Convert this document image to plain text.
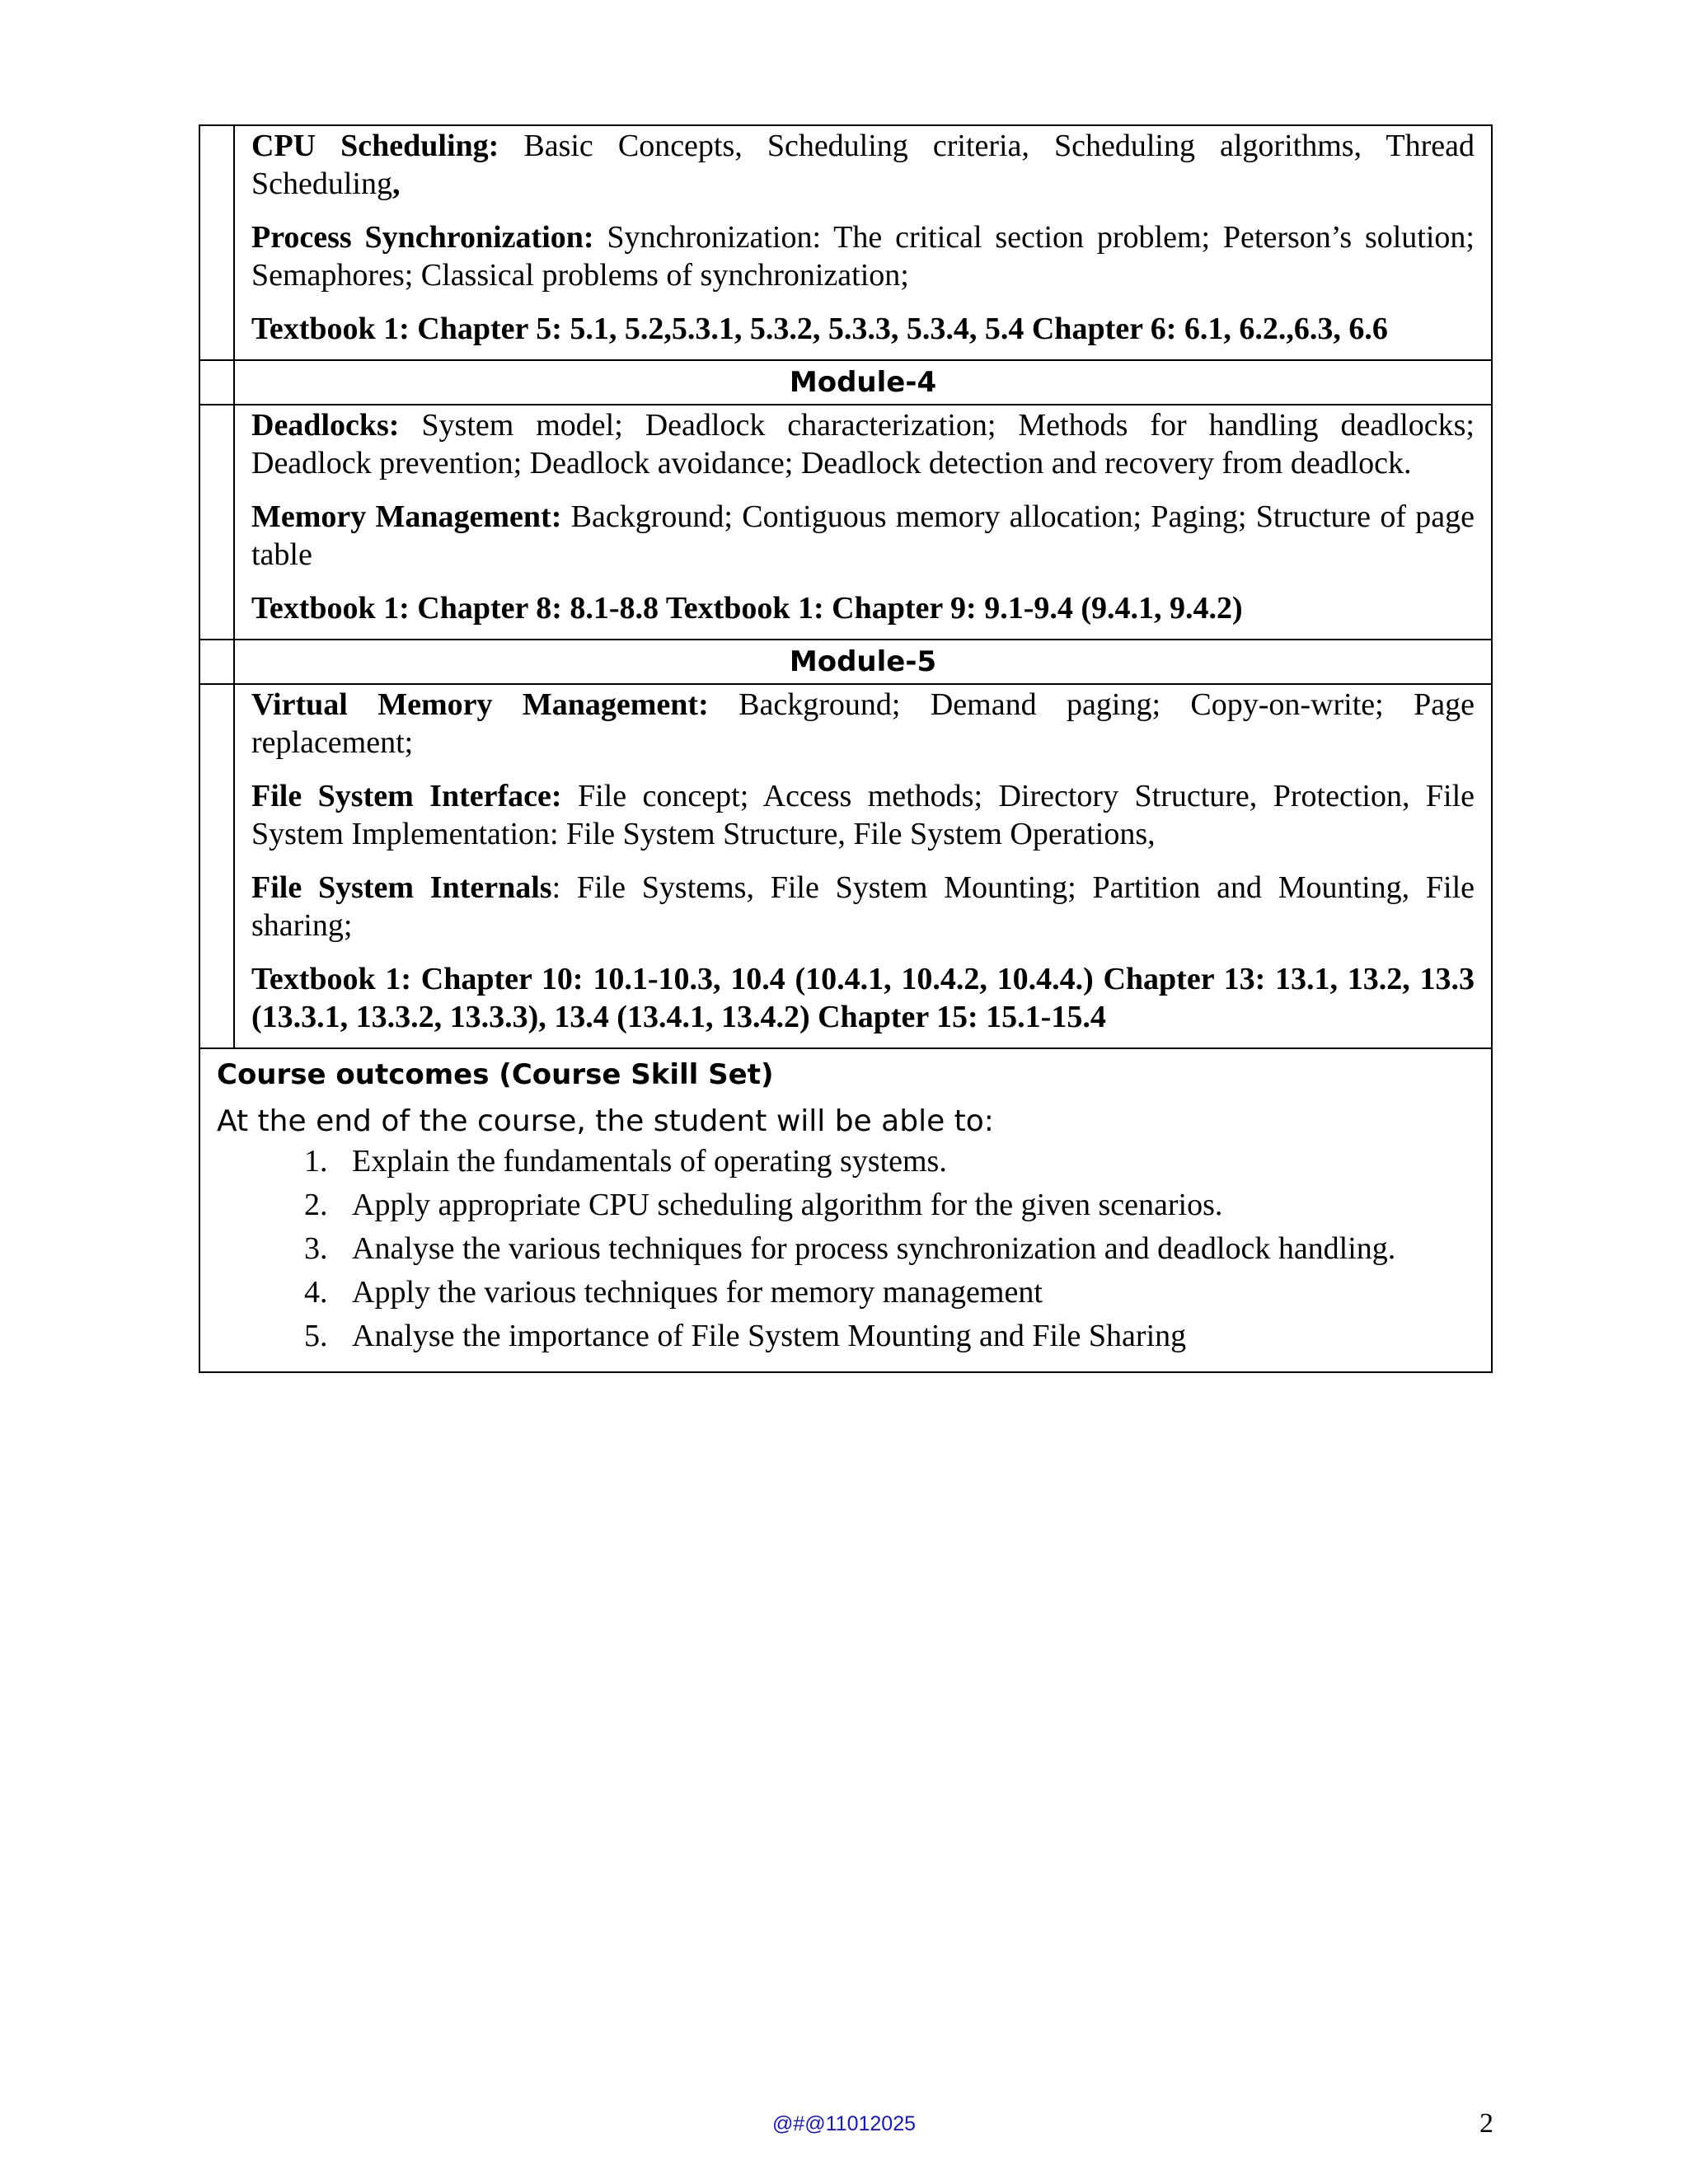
CPU Scheduling: Basic Concepts, Scheduling criteria, Scheduling algorithms, Thread Scheduling,

Process Synchronization: Synchronization: The critical section problem; Peterson’s solution; Semaphores; Classical problems of synchronization;

Textbook 1: Chapter 5: 5.1, 5.2,5.3.1, 5.3.2, 5.3.3, 5.3.4, 5.4 Chapter 6: 6.1, 6.2.,6.3, 6.6

Module-4

Deadlocks: System model; Deadlock characterization; Methods for handling deadlocks; Deadlock prevention; Deadlock avoidance; Deadlock detection and recovery from deadlock.

Memory Management: Background; Contiguous memory allocation; Paging; Structure of page table

Textbook 1: Chapter 8: 8.1-8.8 Textbook 1: Chapter 9: 9.1-9.4 (9.4.1, 9.4.2)

Module-5

Virtual Memory Management: Background; Demand paging; Copy-on-write; Page replacement;

File System Interface: File concept; Access methods; Directory Structure, Protection, File System Implementation: File System Structure, File System Operations,

File System Internals: File Systems, File System Mounting; Partition and Mounting, File sharing;

Textbook 1: Chapter 10: 10.1-10.3, 10.4 (10.4.1, 10.4.2, 10.4.4.) Chapter 13: 13.1, 13.2, 13.3 (13.3.1, 13.3.2, 13.3.3), 13.4 (13.4.1, 13.4.2) Chapter 15: 15.1-15.4

Course outcomes (Course Skill Set)

At the end of the course, the student will be able to:

1. Explain the fundamentals of operating systems.
2. Apply appropriate CPU scheduling algorithm for the given scenarios.
3. Analyse the various techniques for process synchronization and deadlock handling.
4. Apply the various techniques for memory management
5. Analyse the importance of File System Mounting and File Sharing
@#@11012025	2
